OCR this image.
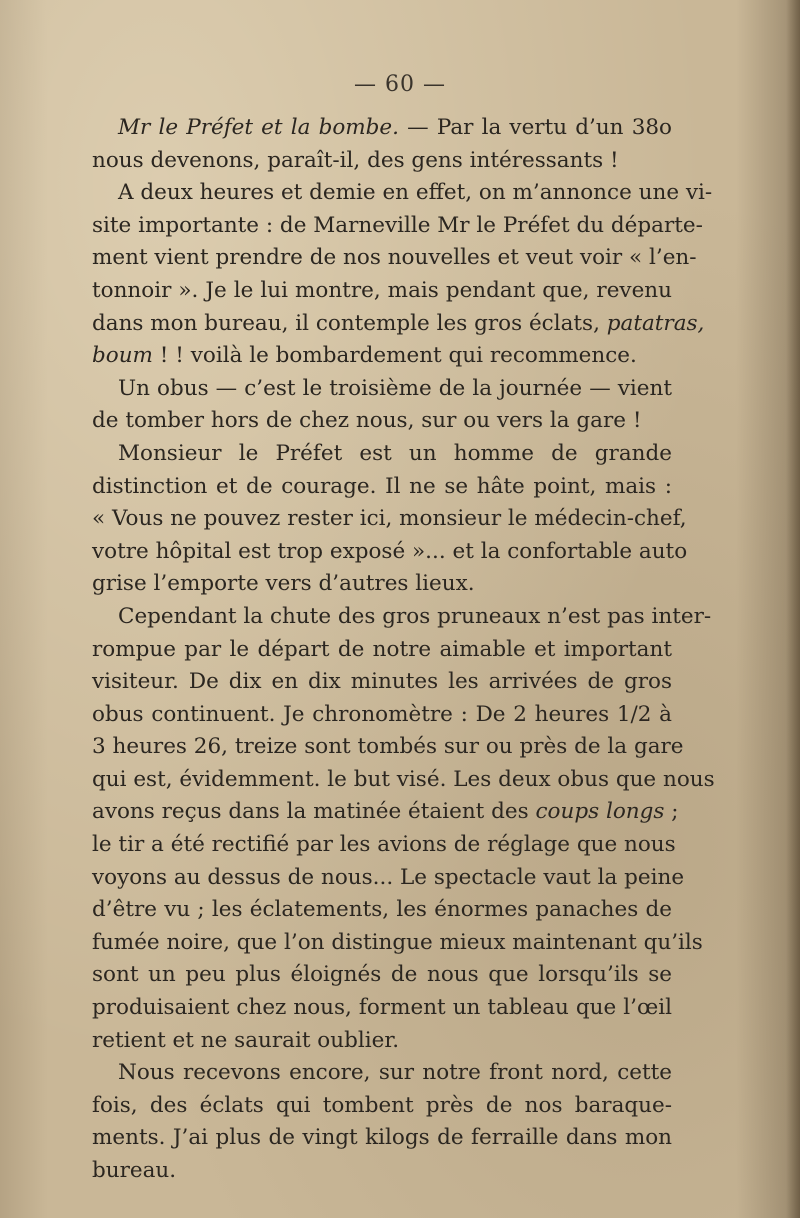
— 60 —
Mr le Préfet et la bombe. — Par la vertu d’un 38o
nous devenons, paraît-il, des gens intéressants !
A deux heures et demie en effet, on m’annonce une vi-
site importante : de Marneville Mr le Préfet du départe-
ment vient prendre de nos nouvelles et veut voir « l’en-
tonnoir ». Je le lui montre, mais pendant que, revenu
dans mon bureau, il contemple les gros éclats, patatras,
boum ! ! voilà le bombardement qui recommence.
Un obus — c’est le troisième de la journée — vient
de tomber hors de chez nous, sur ou vers la gare !
Monsieur le Préfet est un homme de grande
distinction et de courage. Il ne se hâte point, mais :
« Vous ne pouvez rester ici, monsieur le médecin-chef,
votre hôpital est trop exposé »... et la confortable auto
grise l’emporte vers d’autres lieux.
Cependant la chute des gros pruneaux n’est pas inter-
rompue par le départ de notre aimable et important
visiteur. De dix en dix minutes les arrivées de gros
obus continuent. Je chronomètre : De 2 heures 1/2 à
3 heures 26, treize sont tombés sur ou près de la gare
qui est, évidemment. le but visé. Les deux obus que nous
avons reçus dans la matinée étaient des coups longs ;
le tir a été rectifié par les avions de réglage que nous
voyons au dessus de nous... Le spectacle vaut la peine
d’être vu ; les éclatements, les énormes panaches de
fumée noire, que l’on distingue mieux maintenant qu’ils
sont un peu plus éloignés de nous que lorsqu’ils se
produisaient chez nous, forment un tableau que l’œil
retient et ne saurait oublier.
Nous recevons encore, sur notre front nord, cette
fois, des éclats qui tombent près de nos baraque-
ments. J’ai plus de vingt kilogs de ferraille dans mon
bureau.
